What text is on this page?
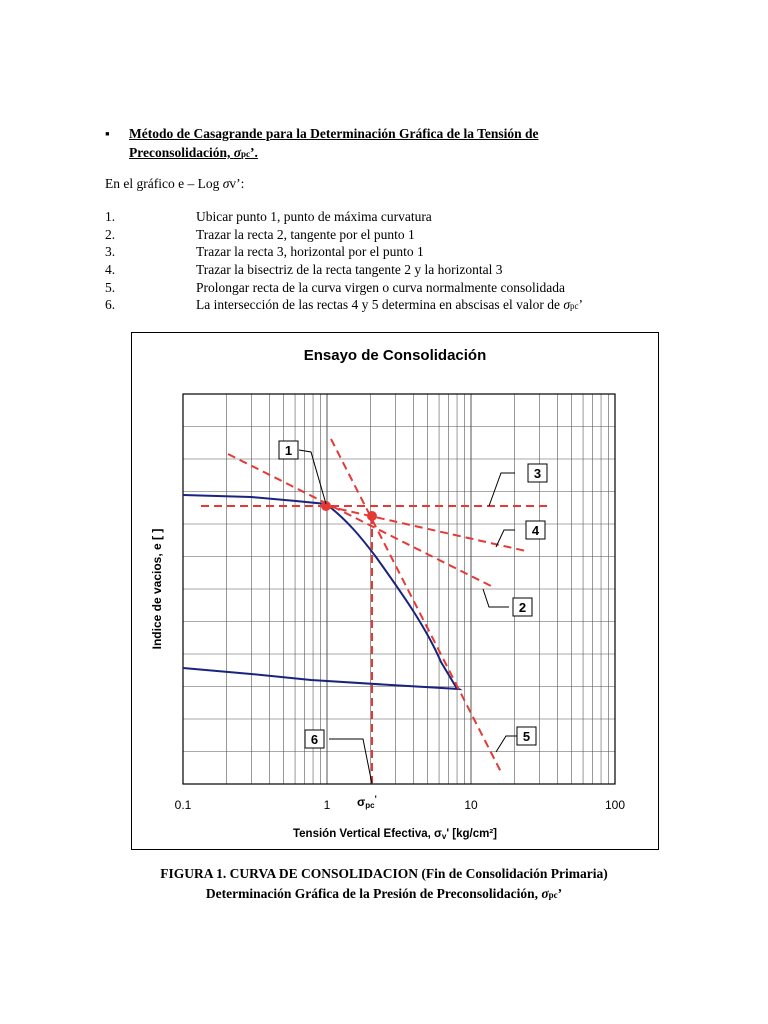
▪ Método de Casagrande para la Determinación Gráfica de la Tensión de
Preconsolidación, σpc’.
En el gráfico e – Log σv’:
1.	Ubicar punto 1, punto de máxima curvatura
2.	Trazar la recta 2, tangente por el punto 1
3.	Trazar la recta 3, horizontal por el punto 1
4.	Trazar la bisectriz de la recta tangente 2 y la horizontal 3
5.	Prolongar recta de la curva virgen o curva normalmente consolidada
6.	La intersección de las rectas 4 y 5 determina en abscisas el valor de σpc’
Ensayo de Consolidación
0.1	1	10	100
Indice de vacios, e [ ]
Tensión Vertical Efectiva, σv' [kg/cm²]
1
3
4
2
5
6
σpc'
FIGURA 1. CURVA DE CONSOLIDACION (Fin de Consolidación Primaria)
Determinación Gráfica de la Presión de Preconsolidación, σpc’
